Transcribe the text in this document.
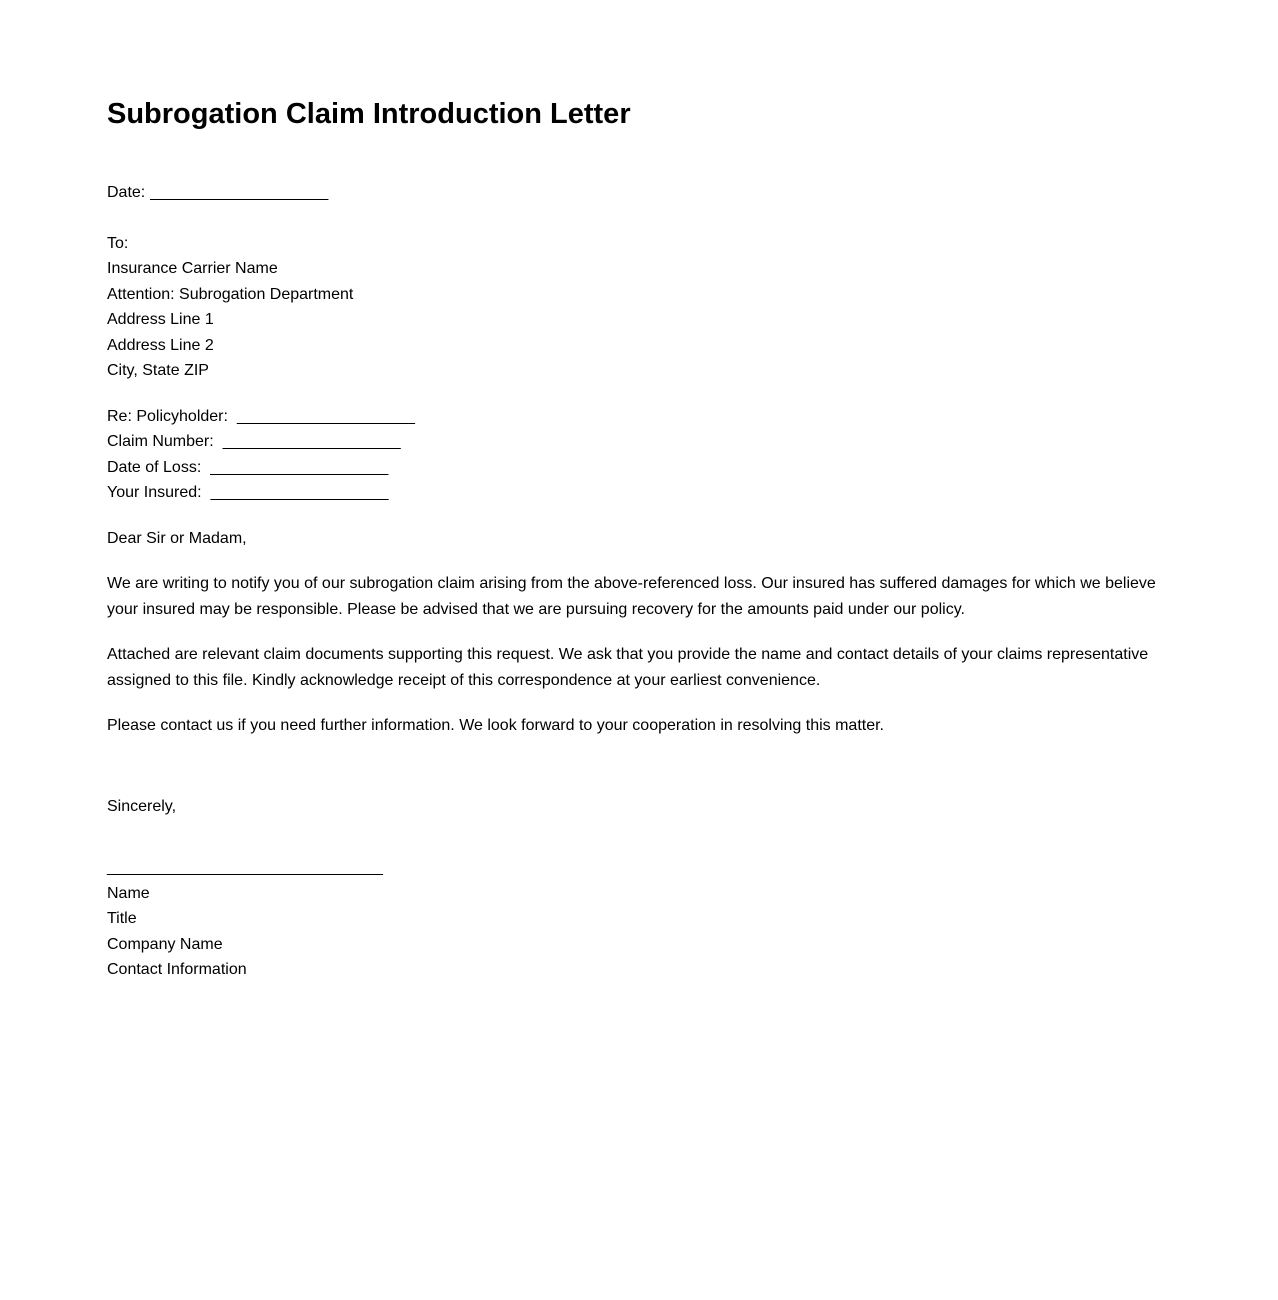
Subrogation Claim Introduction Letter
Date: ____________________
To:
Insurance Carrier Name
Attention: Subrogation Department
Address Line 1
Address Line 2
City, State ZIP
Re: Policyholder: ____________________
Claim Number: ____________________
Date of Loss: ____________________
Your Insured: ____________________
Dear Sir or Madam,

We are writing to notify you of our subrogation claim arising from the above-referenced loss. Our insured has suffered damages for which we believe your insured may be responsible. Please be advised that we are pursuing recovery for the amounts paid under our policy.

Attached are relevant claim documents supporting this request. We ask that you provide the name and contact details of your claims representative assigned to this file. Kindly acknowledge receipt of this correspondence at your earliest convenience.

Please contact us if you need further information. We look forward to your cooperation in resolving this matter.

Sincerely,
_______________________________
Name
Title
Company Name
Contact Information
